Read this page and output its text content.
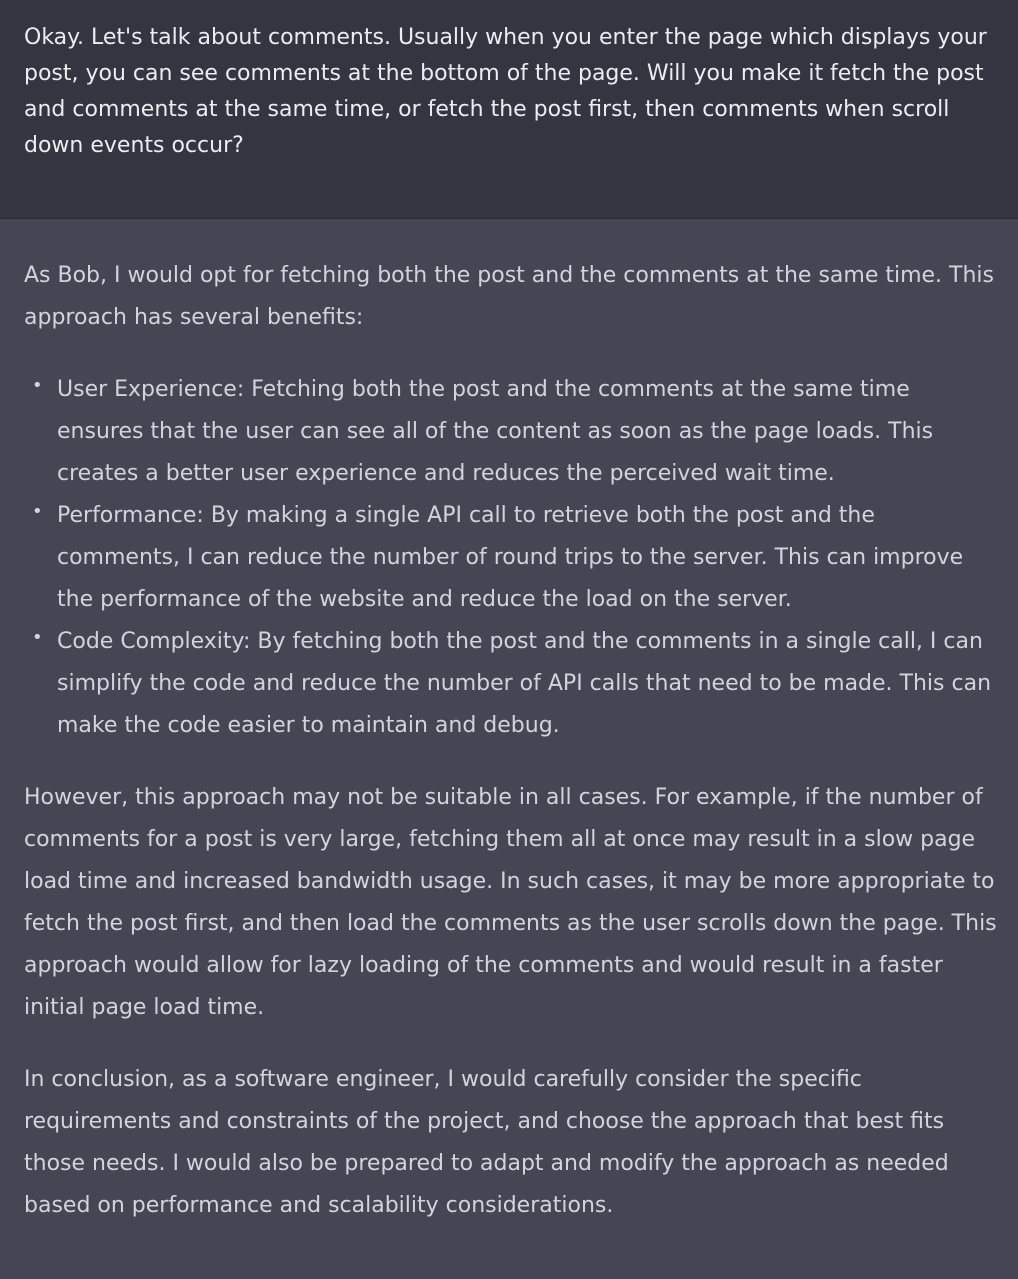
Okay. Let's talk about comments. Usually when you enter the page which displays your post, you can see comments at the bottom of the page. Will you make it fetch the post and comments at the same time, or fetch the post first, then comments when scroll down events occur?

As Bob, I would opt for fetching both the post and the comments at the same time. This approach has several benefits:

• User Experience: Fetching both the post and the comments at the same time ensures that the user can see all of the content as soon as the page loads. This creates a better user experience and reduces the perceived wait time.
• Performance: By making a single API call to retrieve both the post and the comments, I can reduce the number of round trips to the server. This can improve the performance of the website and reduce the load on the server.
• Code Complexity: By fetching both the post and the comments in a single call, I can simplify the code and reduce the number of API calls that need to be made. This can make the code easier to maintain and debug.

However, this approach may not be suitable in all cases. For example, if the number of comments for a post is very large, fetching them all at once may result in a slow page load time and increased bandwidth usage. In such cases, it may be more appropriate to fetch the post first, and then load the comments as the user scrolls down the page. This approach would allow for lazy loading of the comments and would result in a faster initial page load time.

In conclusion, as a software engineer, I would carefully consider the specific requirements and constraints of the project, and choose the approach that best fits those needs. I would also be prepared to adapt and modify the approach as needed based on performance and scalability considerations.
